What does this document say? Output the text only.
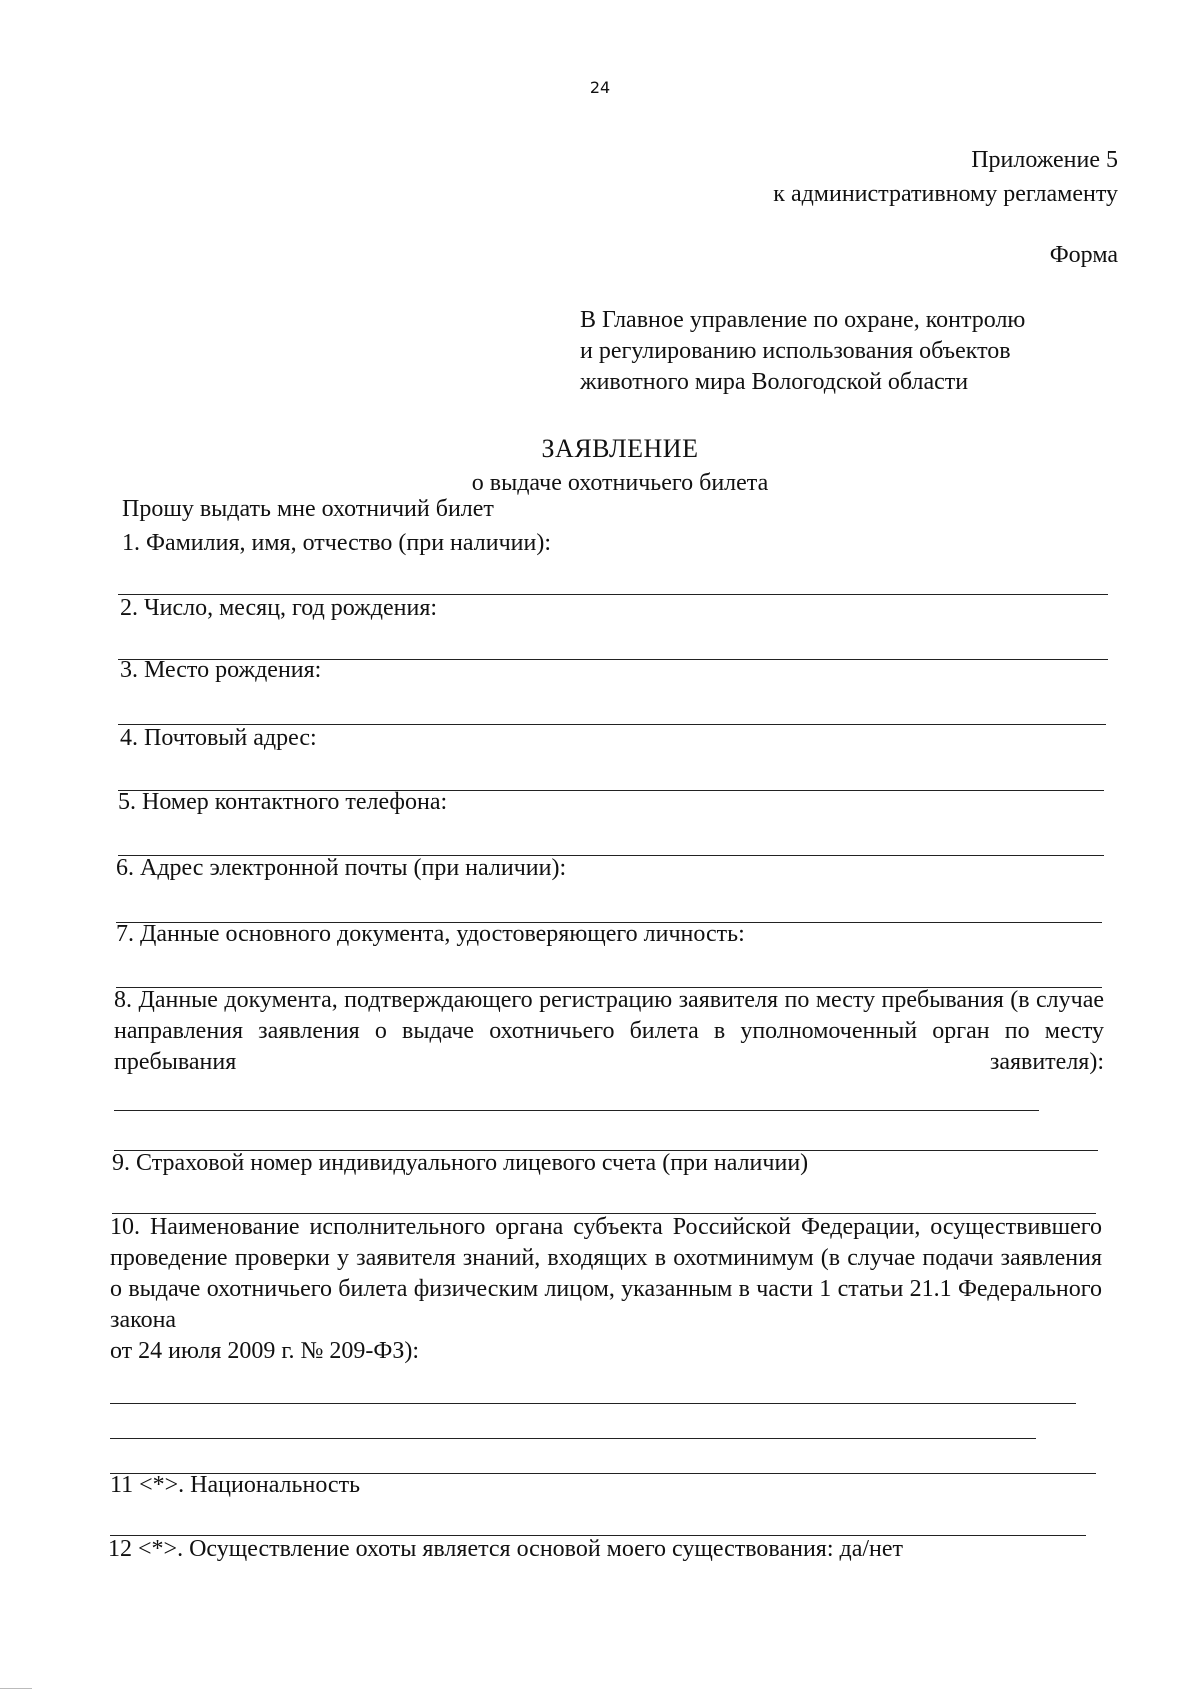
24
Приложение 5
к административному регламенту
Форма
В Главное управление по охране, контролю
и регулированию использования объектов
животного мира Вологодской области
ЗАЯВЛЕНИЕ
о выдаче охотничьего билета
Прошу выдать мне охотничий билет
1. Фамилия, имя, отчество (при наличии):
2. Число, месяц, год рождения:
3. Место рождения:
4. Почтовый адрес:
5. Номер контактного телефона:
6. Адрес электронной почты (при наличии):
7. Данные основного документа, удостоверяющего личность:
8. Данные документа, подтверждающего регистрацию заявителя по месту пребывания (в случае направления заявления о выдаче охотничьего билета в уполномоченный орган по месту пребывания заявителя):
9. Страховой номер индивидуального лицевого счета (при наличии)
10. Наименование исполнительного органа субъекта Российской Федерации, осуществившего проведение проверки у заявителя знаний, входящих в охотминимум (в случае подачи заявления о выдаче охотничьего билета физическим лицом, указанным в части 1 статьи 21.1 Федерального закона
от 24 июля 2009 г. № 209-ФЗ):
11 <*>. Национальность
12 <*>. Осуществление охоты является основой моего существования: да/нет
